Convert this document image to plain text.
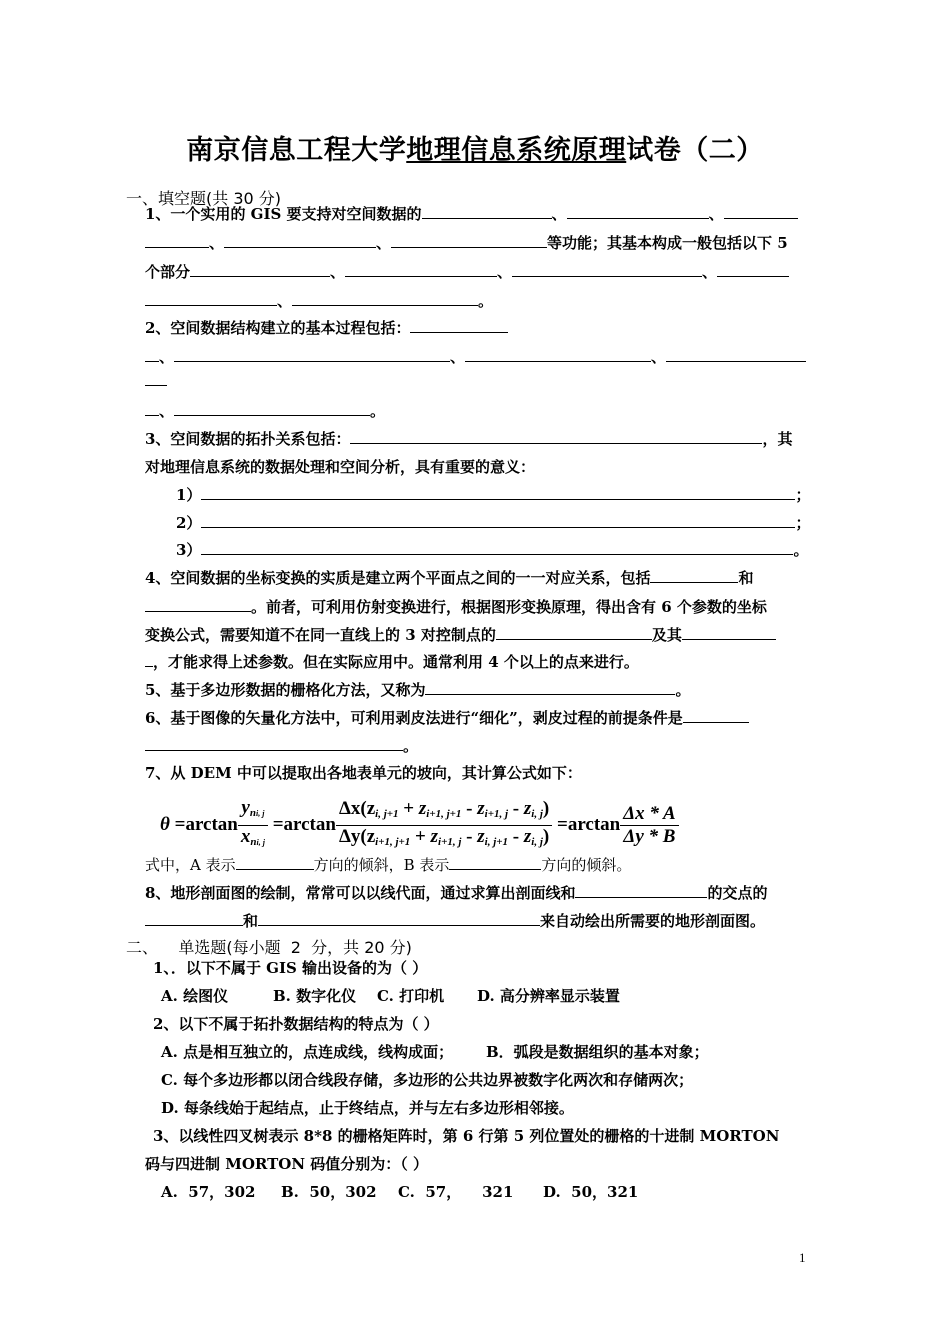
南京信息工程大学地理信息系统原理试卷（二）
一、填空题(共 30 分)
1、一个实用的 GIS 要支持对空间数据的	、	、
、	、	等功能；其基本构成一般包括以下 5
个部分	、	、	、
、	。
2、空间数据结构建立的基本过程包括：
、	、	、
、	。
3、空间数据的拓扑关系包括：	，其
对地理信息系统的数据处理和空间分析，具有重要的意义：
1）	；
2）	；
3）	。
4、空间数据的坐标变换的实质是建立两个平面点之间的一一对应关系，包括	和
。前者，可利用仿射变换进行，根据图形变换原理，得出含有 6 个参数的坐标
变换公式，需要知道不在同一直线上的 3 对控制点的	及其
，才能求得上述参数。但在实际应用中。通常利用 4 个以上的点来进行。
5、基于多边形数据的栅格化方法，又称为	。
6、基于图像的矢量化方法中，可利用剥皮法进行“细化”，剥皮过程的前提条件是
。
7、从 DEM 中可以提取出各地表单元的坡向，其计算公式如下：
$\theta =\arctan \frac{y_{ni, j}}{x_{ni, j}} =\arctan \frac{\Delta x(z_{i, j+1} + z_{i+1, j+1} - z_{i+1, j} - z_{i, j})}{\Delta y(z_{i+1, j+1} + z_{i+1, j} - z_{i, j+1} - z_{i, j})} =\arctan \frac{\Delta x * A}{\Delta y * B}$
式中，A 表示	方向的倾斜，B 表示	方向的倾斜。
8、地形剖面图的绘制，常常可以以线代面，通过求算出剖面线和	的交点的
和	来自动绘出所需要的地形剖面图。
二、    单选题(每小题  2  分，共 20 分)
1、．以下不属于 GIS 输出设备的为（ ）
A. 绘图仪	B. 数字化仪 C. 打印机 D. 高分辨率显示装置
2、以下不属于拓扑数据结构的特点为（ ）
A. 点是相互独立的，点连成线，线构成面； B．弧段是数据组织的基本对象；
C. 每个多边形都以闭合线段存储，多边形的公共边界被数字化两次和存储两次；
D. 每条线始于起结点，止于终结点，并与左右多边形相邻接。
3、以线性四叉树表示 8*8 的栅格矩阵时，第 6 行第 5 列位置处的栅格的十进制 MORTON
码与四进制 MORTON 码值分别为：（ ）
A.  57，302 B.  50，302 C.  57，    321 D.  50，321
1
